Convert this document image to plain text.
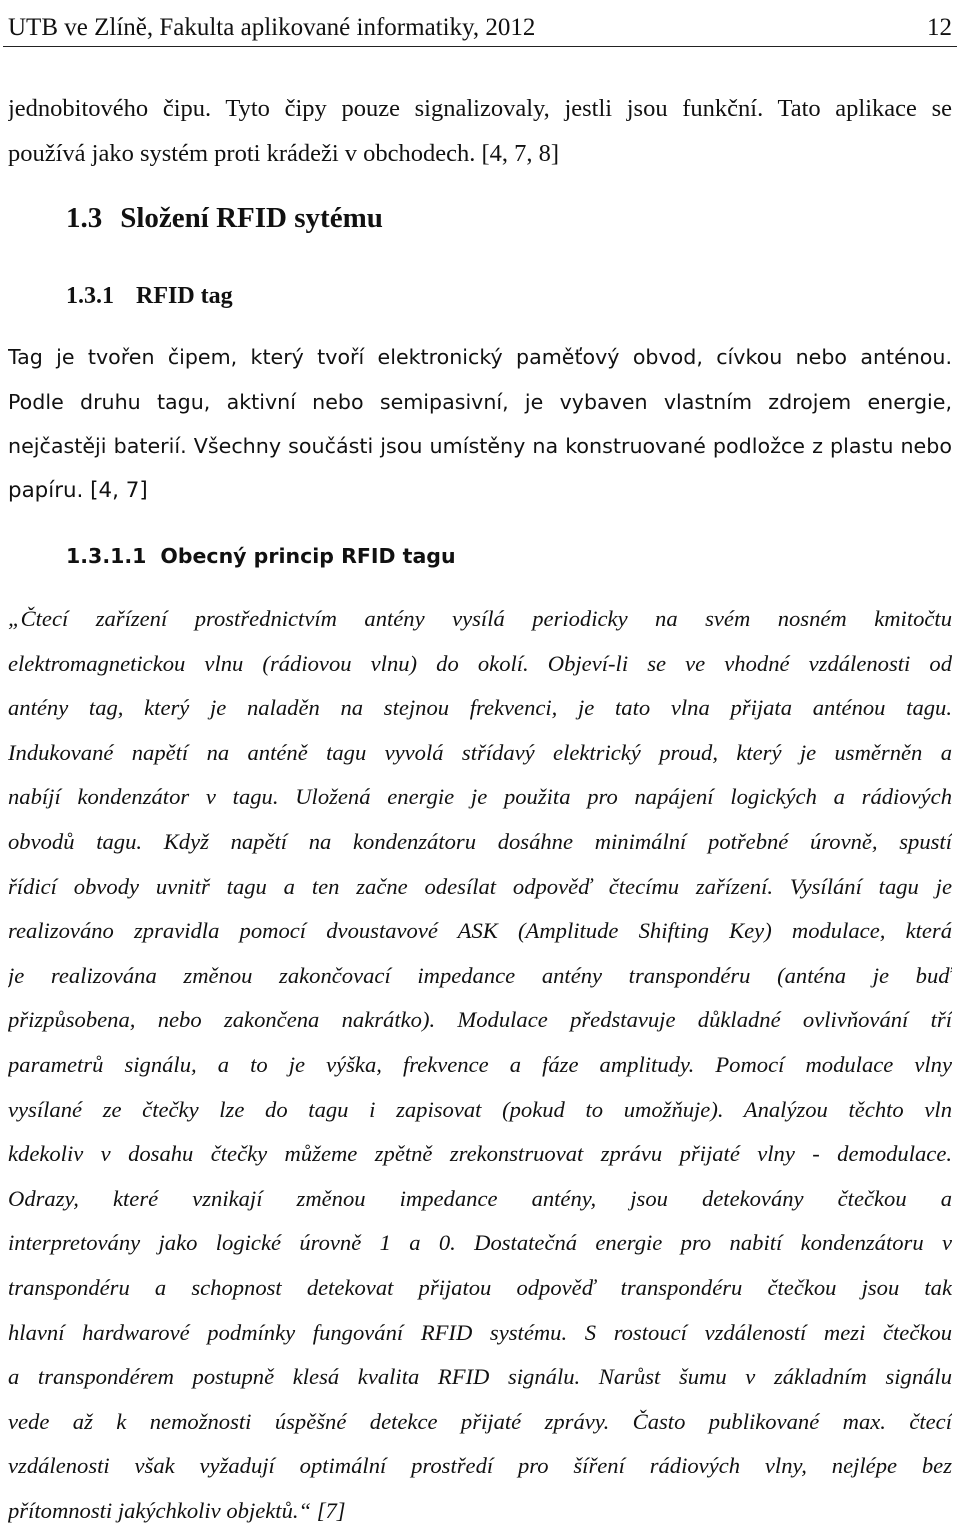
UTB ve Zlíně, Fakulta aplikované informatiky, 2012	12
jednobitového čipu. Tyto čipy pouze signalizovaly, jestli jsou funkční. Tato aplikace se
používá jako systém proti krádeži v obchodech. [4, 7, 8]
1.3 Složení RFID sytému
1.3.1 RFID tag
Tag je tvořen čipem, který tvoří elektronický paměťový obvod, cívkou nebo anténou.
Podle druhu tagu, aktivní nebo semipasivní, je vybaven vlastním zdrojem energie,
nejčastěji baterií. Všechny součásti jsou umístěny na konstruované podložce z plastu nebo
papíru. [4, 7]
1.3.1.1 Obecný princip RFID tagu
„Čtecí zařízení prostřednictvím antény vysílá periodicky na svém nosném kmitočtu
elektromagnetickou vlnu (rádiovou vlnu) do okolí. Objeví-li se ve vhodné vzdálenosti od
antény tag, který je naladěn na stejnou frekvenci, je tato vlna přijata anténou tagu.
Indukované napětí na anténě tagu vyvolá střídavý elektrický proud, který je usměrněn a
nabíjí kondenzátor v tagu. Uložená energie je použita pro napájení logických a rádiových
obvodů tagu. Když napětí na kondenzátoru dosáhne minimální potřebné úrovně, spustí
řídicí obvody uvnitř tagu a ten začne odesílat odpověď čtecímu zařízení. Vysílání tagu je
realizováno zpravidla pomocí dvoustavové ASK (Amplitude Shifting Key) modulace, která
je realizována změnou zakončovací impedance antény transpondéru (anténa je buď
přizpůsobena, nebo zakončena nakrátko). Modulace představuje důkladné ovlivňování tří
parametrů signálu, a to je výška, frekvence a fáze amplitudy. Pomocí modulace vlny
vysílané ze čtečky lze do tagu i zapisovat (pokud to umožňuje). Analýzou těchto vln
kdekoliv v dosahu čtečky můžeme zpětně zrekonstruovat zprávu přijaté vlny - demodulace.
Odrazy, které vznikají změnou impedance antény, jsou detekovány čtečkou a
interpretovány jako logické úrovně 1 a 0. Dostatečná energie pro nabití kondenzátoru v
transpondéru a schopnost detekovat přijatou odpověď transpondéru čtečkou jsou tak
hlavní hardwarové podmínky fungování RFID systému. S rostoucí vzdáleností mezi čtečkou
a transpondérem postupně klesá kvalita RFID signálu. Narůst šumu v základním signálu
vede až k nemožnosti úspěšné detekce přijaté zprávy. Často publikované max. čtecí
vzdálenosti však vyžadují optimální prostředí pro šíření rádiových vlny, nejlépe bez
přítomnosti jakýchkoliv objektů.“ [7]
